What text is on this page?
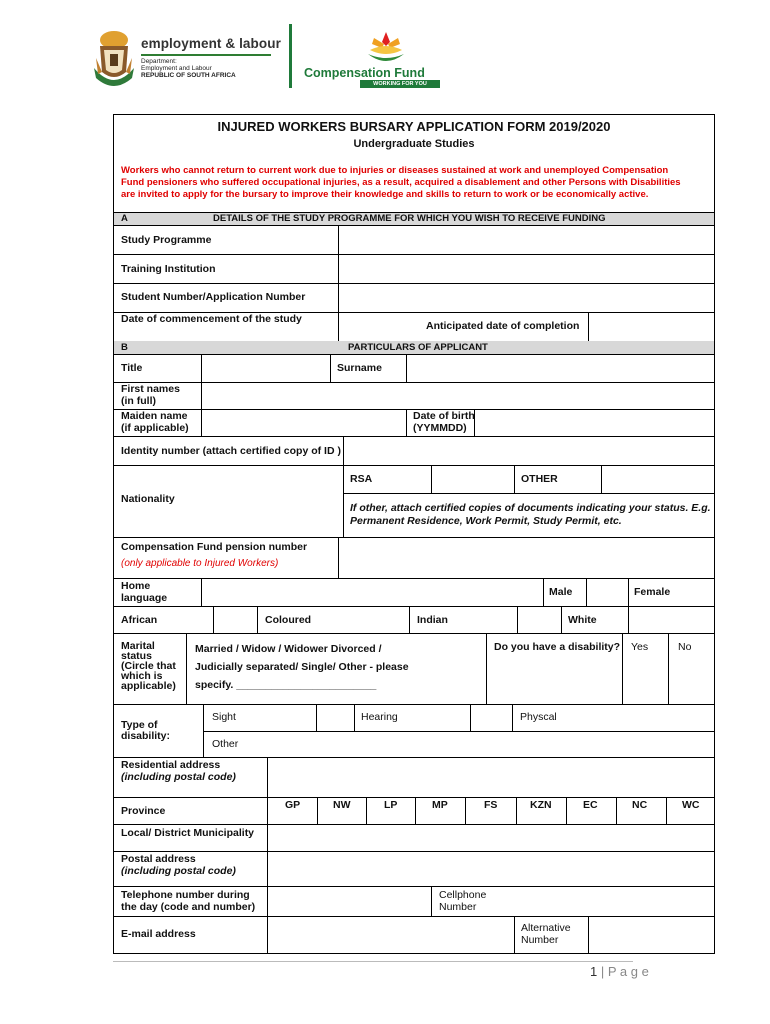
employment & labour
Department:
Employment and Labour
REPUBLIC OF SOUTH AFRICA	Compensation Fund
WORKING FOR YOU
INJURED WORKERS BURSARY APPLICATION FORM 2019/2020
Undergraduate Studies
Workers who cannot return to current work due to injuries or diseases sustained at work and unemployed Compensation
Fund pensioners who suffered occupational injuries, as a result, acquired a disablement and other Persons with Disabilities
are invited to apply for the bursary to improve their knowledge and skills to return to work or be economically active.
A	DETAILS OF THE STUDY PROGRAMME FOR WHICH YOU WISH TO RECEIVE FUNDING
Study Programme
Training Institution
Student Number/Application Number
Date of commencement of the study
Anticipated date of completion
B	PARTICULARS OF APPLICANT
Title	Surname
First names
(in full)
Maiden name
(if applicable)
Date of birth
(YYMMDD)
Identity number (attach certified copy of ID )
Nationality
RSA	OTHER
If other, attach certified copies of documents indicating your status. E.g.
Permanent Residence, Work Permit, Study Permit, etc.
Compensation Fund pension number
(only applicable to Injured Workers)
Home
language	Male	Female
African	Coloured	Indian	White
Marital
status
(Circle that
which is
applicable)
Married / Widow / Widower Divorced /
Judicially separated/ Single/ Other - please
specify. ________________________
Do you have a disability? Yes	No
Type of
disability:
Sight	Hearing	Physcal
Other
Residential address
(including postal code)
Province	GP	NW	LP	MP	FS	KZN	EC	NC	WC
Local/ District Municipality
Postal address
(including postal code)
Telephone number during
the day (code and number)
Cellphone
Number
E-mail address	Alternative
Number
1 | P a g e
